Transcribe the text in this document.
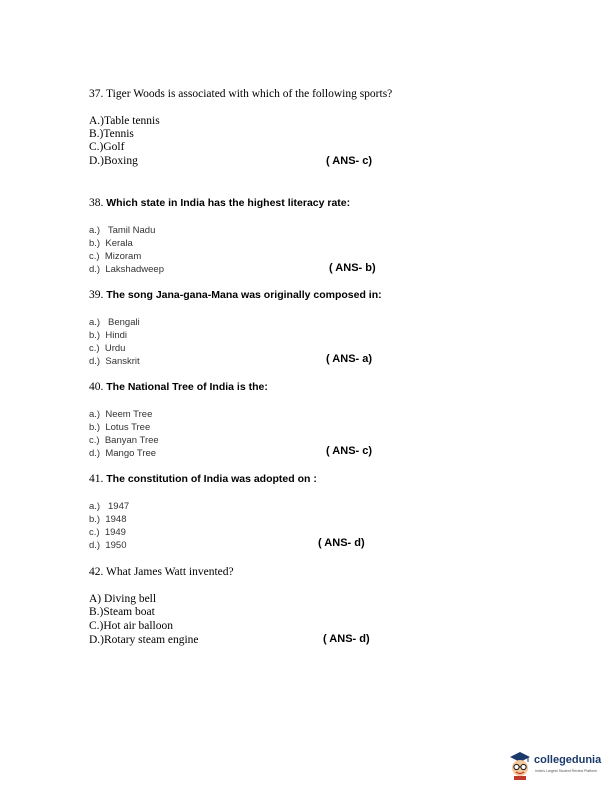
37. Tiger Woods is associated with which of the following sports?
A.)Table tennis
B.)Tennis
C.)Golf
D.)Boxing	( ANS- c)
38. Which state in India has the highest literacy rate:
a.)   Tamil Nadu
b.)  Kerala
c.)  Mizoram
d.)  Lakshadweep	( ANS- b)
39. The song Jana-gana-Mana was originally composed in:
a.)   Bengali
b.)  Hindi
c.)  Urdu
d.)  Sanskrit	( ANS- a)
40. The National Tree of India is the:
a.)  Neem Tree
b.)  Lotus Tree
c.)  Banyan Tree
d.)  Mango Tree	( ANS- c)
41. The constitution of India was adopted on :
a.)   1947
b.)  1948
c.)  1949
d.)  1950	( ANS- d)
42. What James Watt invented?
A) Diving bell
B.)Steam boat
C.)Hot air balloon
D.)Rotary steam engine	( ANS- d)
collegedunia
India's Largest Student Review Platform
